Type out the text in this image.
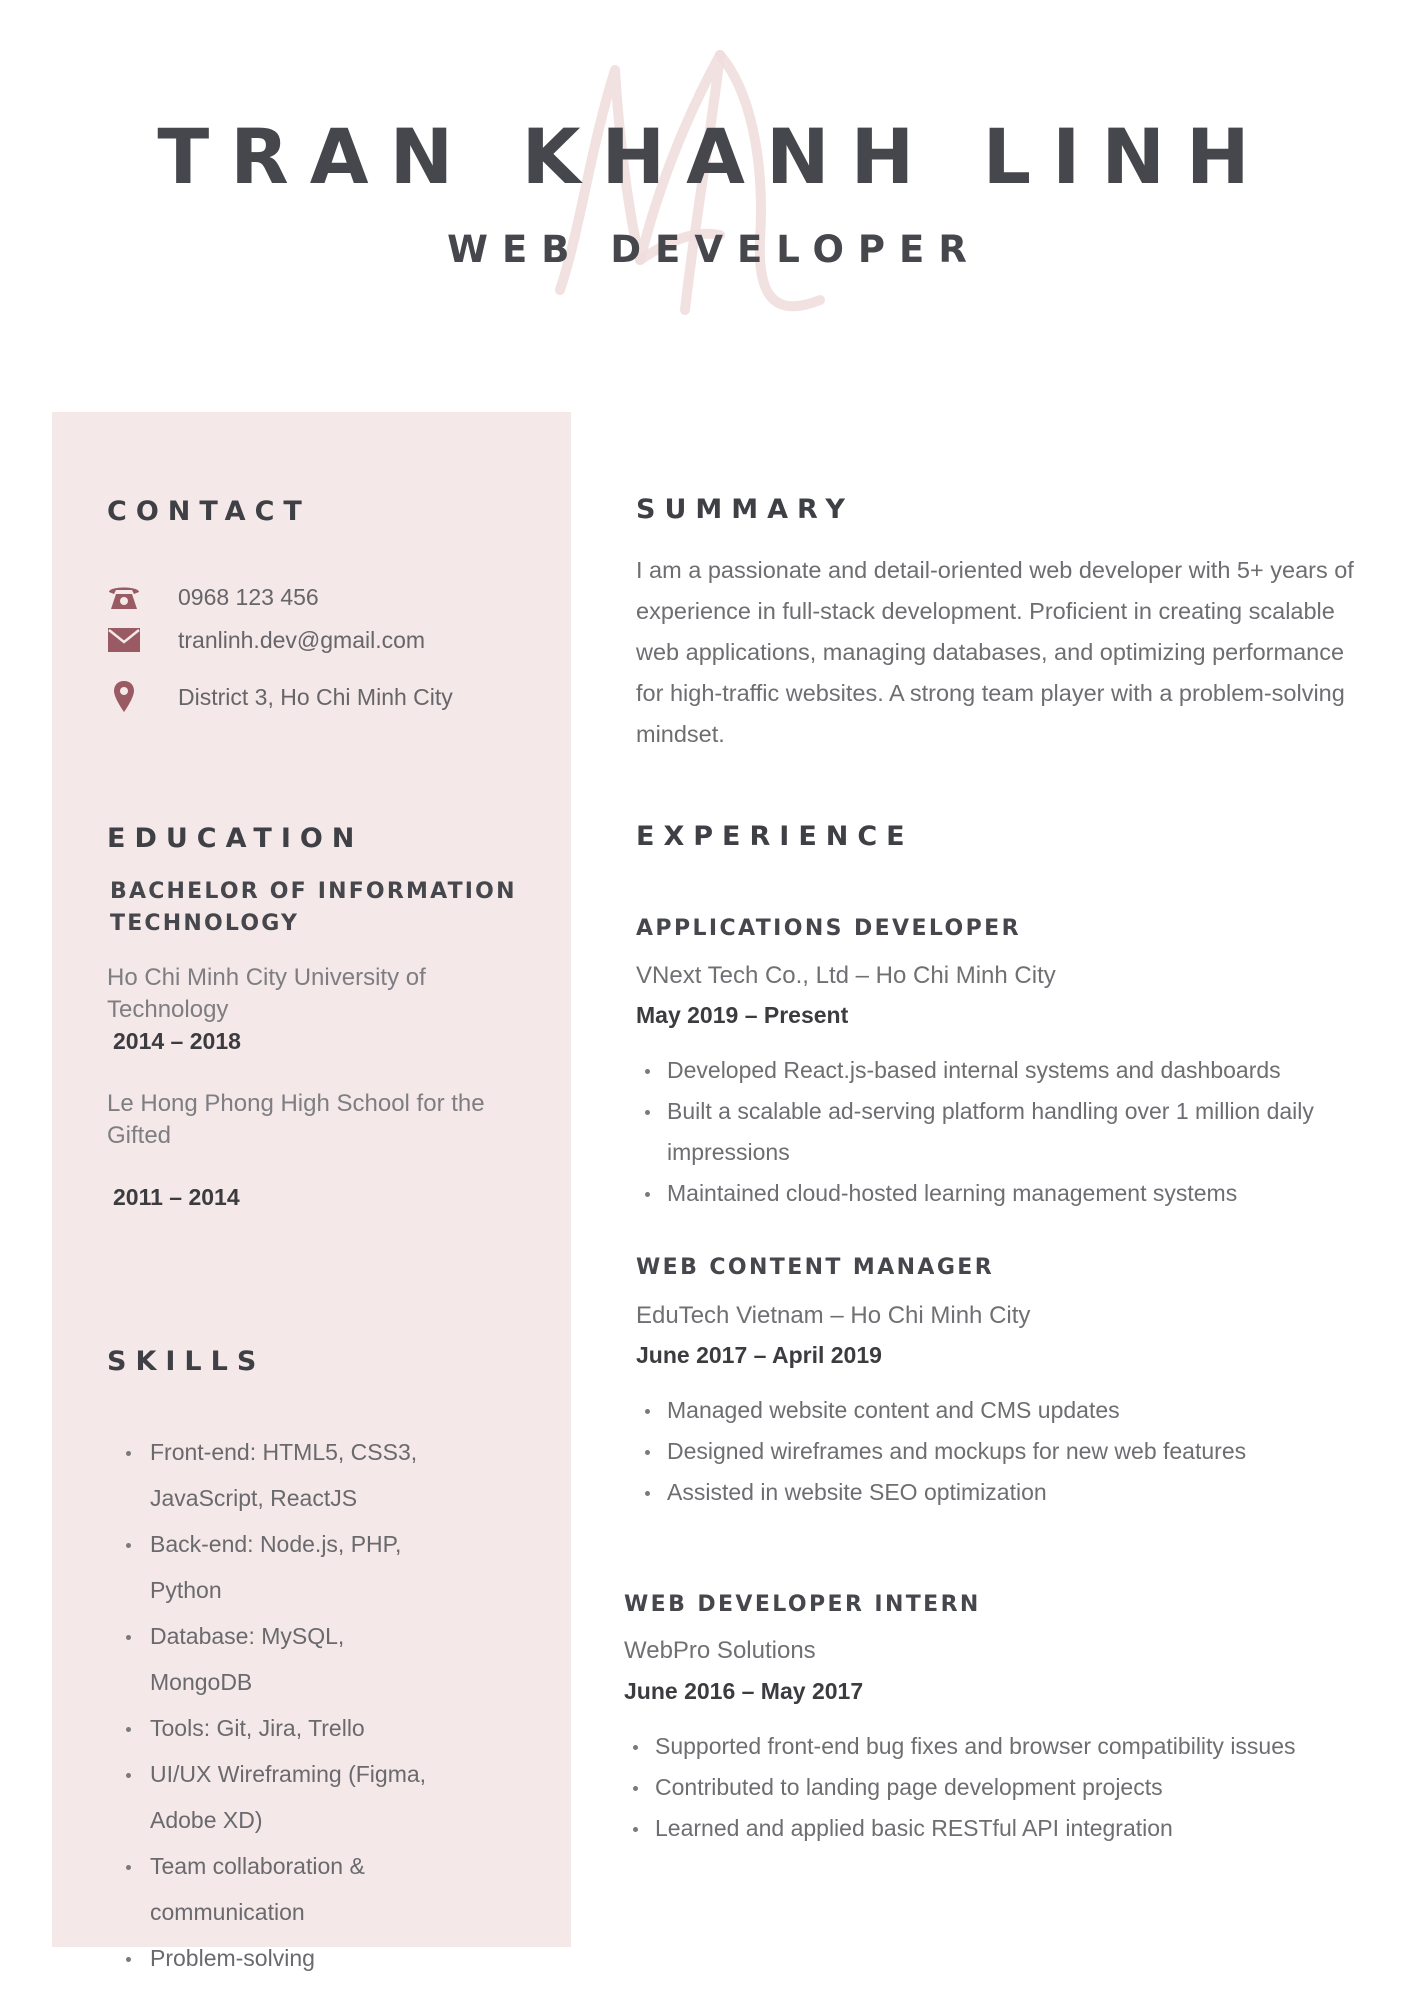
TRAN KHANH LINH
WEB DEVELOPER
CONTACT
0968 123 456
tranlinh.dev@gmail.com
District 3, Ho Chi Minh City
EDUCATION

BACHELOR OF INFORMATION TECHNOLOGY

Ho Chi Minh City University of Technology

2014 – 2018

Le Hong Phong High School for the Gifted

2011 – 2014

SKILLS
Front-end: HTML5, CSS3, JavaScript, ReactJS
Back-end: Node.js, PHP, Python
Database: MySQL, MongoDB
Tools: Git, Jira, Trello
UI/UX Wireframing (Figma, Adobe XD)
Team collaboration & communication
Problem-solving
SUMMARY

I am a passionate and detail-oriented web developer with 5+ years of experience in full-stack development. Proficient in creating scalable web applications, managing databases, and optimizing performance for high-traffic websites. A strong team player with a problem-solving mindset.

EXPERIENCE

APPLICATIONS DEVELOPER

VNext Tech Co., Ltd – Ho Chi Minh City

May 2019 – Present

Developed React.js-based internal systems and dashboards
Built a scalable ad-serving platform handling over 1 million daily impressions
Maintained cloud-hosted learning management systems

WEB CONTENT MANAGER

EduTech Vietnam – Ho Chi Minh City

June 2017 – April 2019

Managed website content and CMS updates
Designed wireframes and mockups for new web features
Assisted in website SEO optimization

WEB DEVELOPER INTERN

WebPro Solutions

June 2016 – May 2017

Supported front-end bug fixes and browser compatibility issues
Contributed to landing page development projects
Learned and applied basic RESTful API integration
